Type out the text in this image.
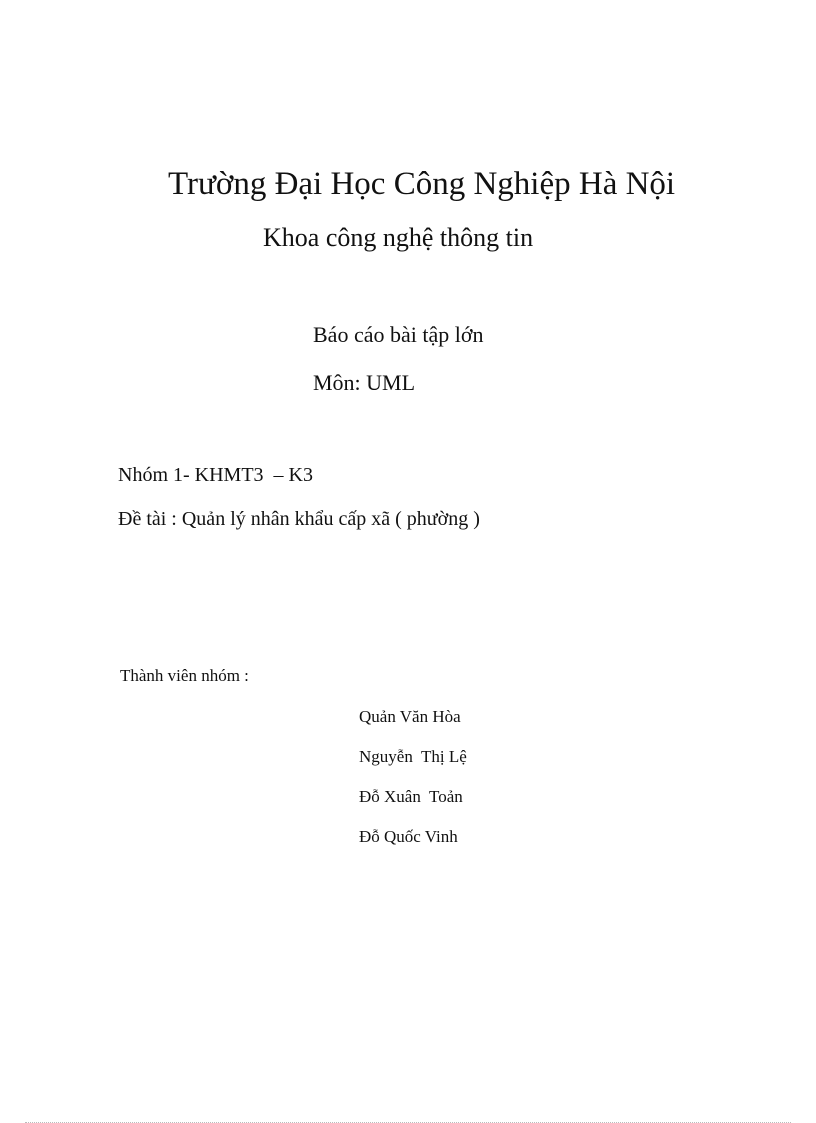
Trường Đại Học Công Nghiệp Hà Nội
Khoa công nghệ thông tin
Báo cáo bài tập lớn
Môn: UML
Nhóm 1- KHMT3  – K3
Đề tài : Quản lý nhân khẩu cấp xã ( phường )
Thành viên nhóm :
Quản Văn Hòa
Nguyễn  Thị Lệ
Đỗ Xuân  Toản
Đỗ Quốc Vinh
